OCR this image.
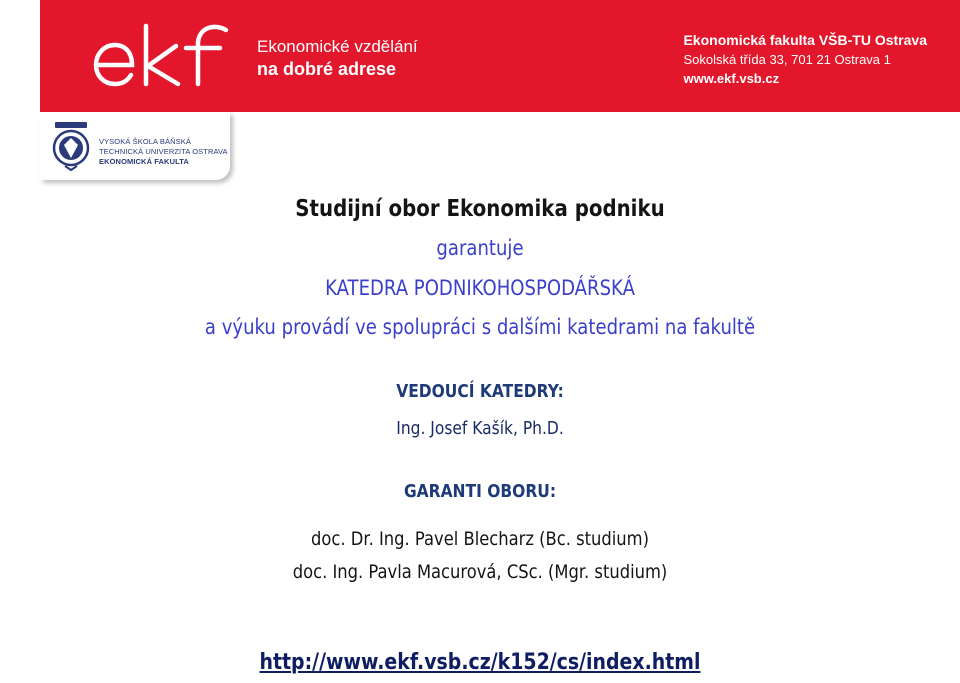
Ekonomické vzdělání
na dobré adrese
Ekonomická fakulta VŠB-TU Ostrava
Sokolská třída 33, 701 21 Ostrava 1
www.ekf.vsb.cz
VYSOKÁ ŠKOLA BÁŇSKÁ
TECHNICKÁ UNIVERZITA OSTRAVA
EKONOMICKÁ FAKULTA
Studijní obor Ekonomika podniku
garantuje
KATEDRA PODNIKOHOSPODÁŘSKÁ
a výuku provádí ve spolupráci s dalšími katedrami na fakultě
VEDOUCÍ KATEDRY:
Ing. Josef Kašík, Ph.D.
GARANTI OBORU:
doc. Dr. Ing. Pavel Blecharz (Bc. studium)
doc. Ing. Pavla Macurová, CSc. (Mgr. studium)
http://www.ekf.vsb.cz/k152/cs/index.html
